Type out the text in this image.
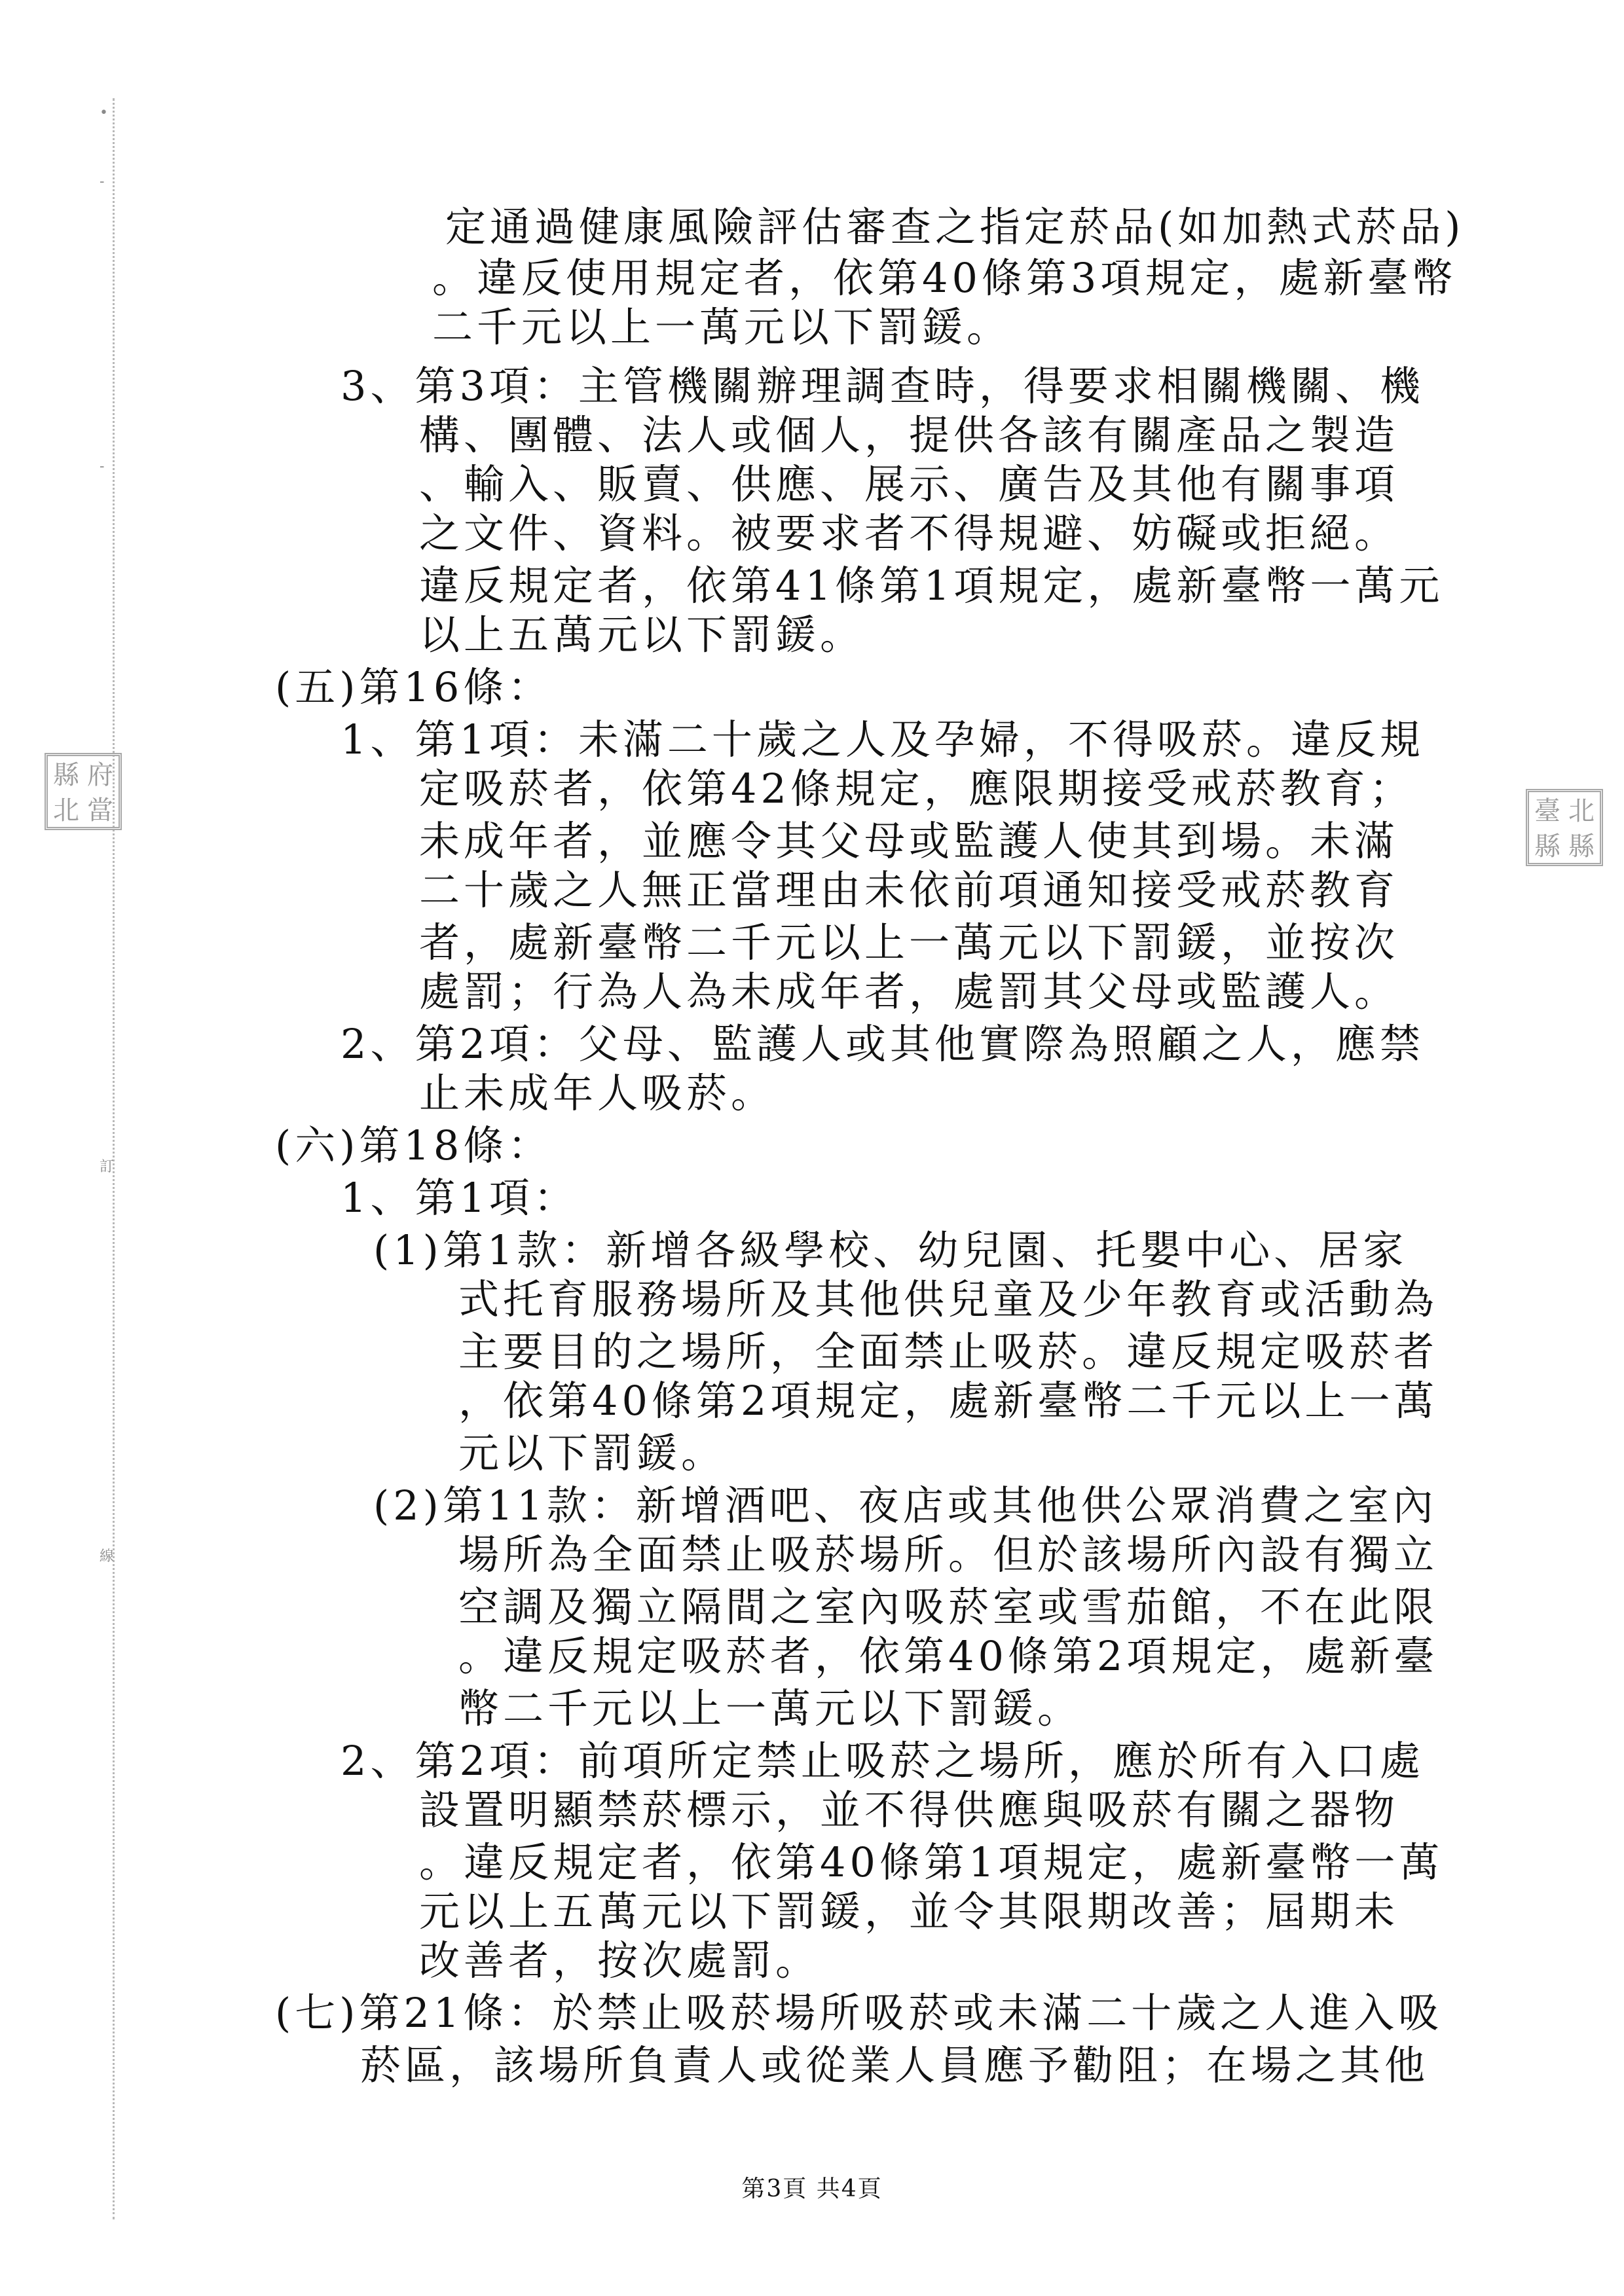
•
-
-
訂
線
縣 府
北 當	臺 北
縣 縣
定通過健康風險評估審查之指定菸品(如加熱式菸品)
。違反使用規定者，依第40條第3項規定，處新臺幣
二千元以上一萬元以下罰鍰。
3、第3項：主管機關辦理調查時，得要求相關機關、機
構、團體、法人或個人，提供各該有關產品之製造
、輸入、販賣、供應、展示、廣告及其他有關事項
之文件、資料。被要求者不得規避、妨礙或拒絕。
違反規定者，依第41條第1項規定，處新臺幣一萬元
以上五萬元以下罰鍰。
(五)第16條：
1、第1項：未滿二十歲之人及孕婦，不得吸菸。違反規
定吸菸者，依第42條規定，應限期接受戒菸教育；
未成年者，並應令其父母或監護人使其到場。未滿
二十歲之人無正當理由未依前項通知接受戒菸教育
者，處新臺幣二千元以上一萬元以下罰鍰，並按次
處罰；行為人為未成年者，處罰其父母或監護人。
2、第2項：父母、監護人或其他實際為照顧之人，應禁
止未成年人吸菸。
(六)第18條：
1、第1項：
(1)第1款：新增各級學校、幼兒園、托嬰中心、居家
式托育服務場所及其他供兒童及少年教育或活動為
主要目的之場所，全面禁止吸菸。違反規定吸菸者
，依第40條第2項規定，處新臺幣二千元以上一萬
元以下罰鍰。
(2)第11款：新增酒吧、夜店或其他供公眾消費之室內
場所為全面禁止吸菸場所。但於該場所內設有獨立
空調及獨立隔間之室內吸菸室或雪茄館，不在此限
。違反規定吸菸者，依第40條第2項規定，處新臺
幣二千元以上一萬元以下罰鍰。
2、第2項：前項所定禁止吸菸之場所，應於所有入口處
設置明顯禁菸標示，並不得供應與吸菸有關之器物
。違反規定者，依第40條第1項規定，處新臺幣一萬
元以上五萬元以下罰鍰，並令其限期改善；屆期未
改善者，按次處罰。
(七)第21條：於禁止吸菸場所吸菸或未滿二十歲之人進入吸
菸區，該場所負責人或從業人員應予勸阻；在場之其他
第3頁 共4頁
